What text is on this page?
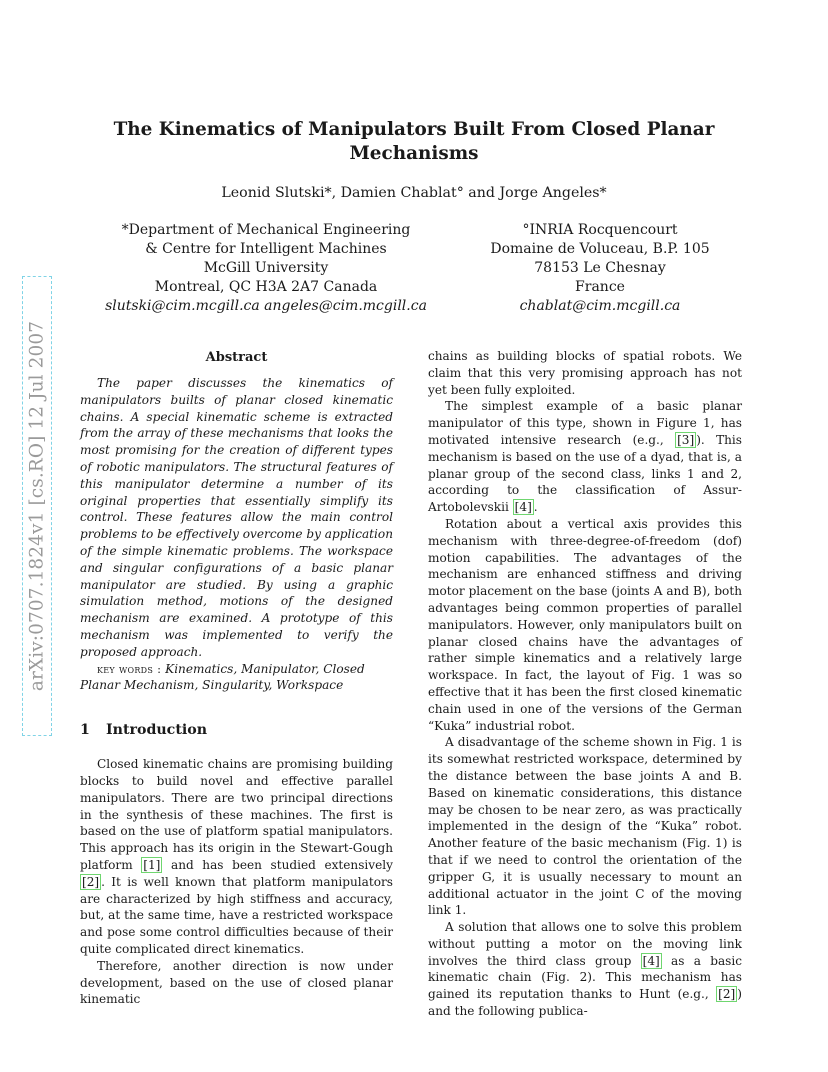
arXiv:0707.1824v1 [cs.RO] 12 Jul 2007
The Kinematics of Manipulators Built From Closed Planar Mechanisms
Leonid Slutski*, Damien Chablat° and Jorge Angeles*
*Department of Mechanical Engineering
& Centre for Intelligent Machines
McGill University
Montreal, QC H3A 2A7 Canada
slutski@cim.mcgill.ca angeles@cim.mcgill.ca
°INRIA Rocquencourt
Domaine de Voluceau, B.P. 105
78153 Le Chesnay
France
chablat@cim.mcgill.ca
Abstract

The paper discusses the kinematics of manipulators builts of planar closed kinematic chains. A special kinematic scheme is extracted from the array of these mechanisms that looks the most promising for the creation of different types of robotic manipulators. The structural features of this manipulator determine a number of its original properties that essentially simplify its control. These features allow the main control problems to be effectively overcome by application of the simple kinematic problems. The workspace and singular configurations of a basic planar manipulator are studied. By using a graphic simulation method, motions of the designed mechanism are examined. A prototype of this mechanism was implemented to verify the proposed approach.

key words : Kinematics, Manipulator, Closed Planar Mechanism, Singularity, Workspace

1 Introduction

Closed kinematic chains are promising building blocks to build novel and effective parallel manipulators. There are two principal directions in the synthesis of these machines. The first is based on the use of platform spatial manipulators. This approach has its origin in the Stewart-Gough platform [1] and has been studied extensively [2] . It is well known that platform manipulators are characterized by high stiffness and accuracy, but, at the same time, have a restricted workspace and pose some control difficulties because of their quite complicated direct kinematics.

Therefore, another direction is now under development, based on the use of closed planar kinematic

chains as building blocks of spatial robots. We claim that this very promising approach has not yet been fully exploited.

The simplest example of a basic planar manipulator of this type, shown in Figure 1, has motivated intensive research (e.g., [3] ). This mechanism is based on the use of a dyad, that is, a planar group of the second class, links 1 and 2, according to the classification of Assur-Artobolevskii [4] .

Rotation about a vertical axis provides this mechanism with three-degree-of-freedom (dof) motion capabilities. The advantages of the mechanism are enhanced stiffness and driving motor placement on the base (joints A and B), both advantages being common properties of parallel manipulators. However, only manipulators built on planar closed chains have the advantages of rather simple kinematics and a relatively large workspace. In fact, the layout of Fig. 1 was so effective that it has been the first closed kinematic chain used in one of the versions of the German “Kuka” industrial robot.

A disadvantage of the scheme shown in Fig. 1 is its somewhat restricted workspace, determined by the distance between the base joints A and B. Based on kinematic considerations, this distance may be chosen to be near zero, as was practically implemented in the design of the “Kuka” robot. Another feature of the basic mechanism (Fig. 1) is that if we need to control the orientation of the gripper G, it is usually necessary to mount an additional actuator in the joint C of the moving link 1.

A solution that allows one to solve this problem without putting a motor on the moving link involves the third class group [4] as a basic kinematic chain (Fig. 2). This mechanism has gained its reputation thanks to Hunt (e.g., [2] ) and the following publica-
